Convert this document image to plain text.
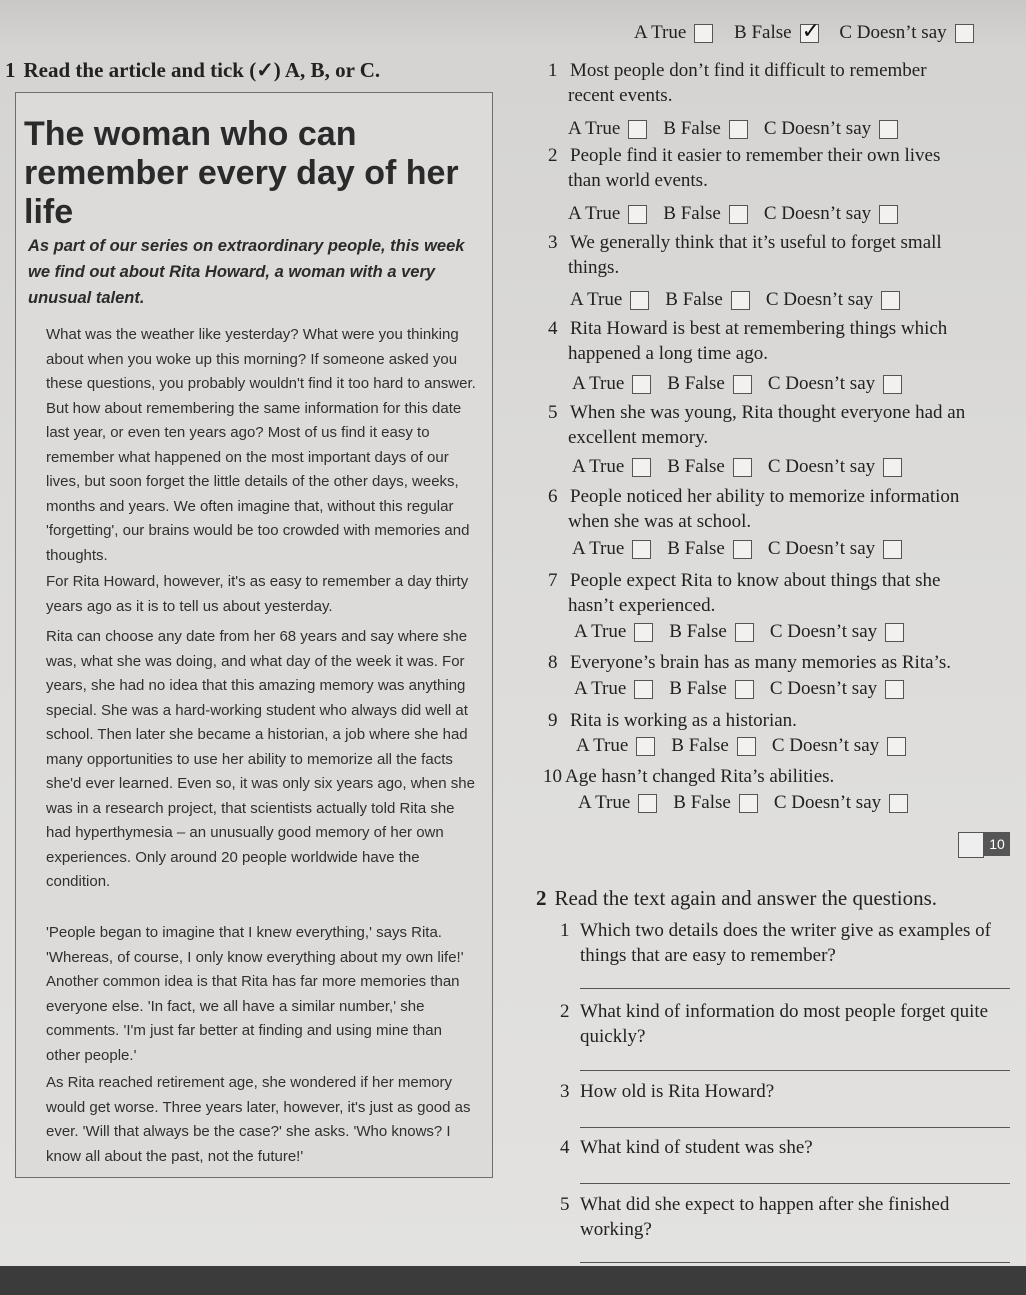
A True
	B False
✓
	C Doesn’t say
1 Read the article and tick (✓) A, B, or C.
The woman who can remember every day of her life
As part of our series on extraordinary people, this week we find out about Rita Howard, a woman with a very unusual talent.
What was the weather like yesterday? What were you thinking about when you woke up this morning? If someone asked you these questions, you probably wouldn't find it too hard to answer. But how about remembering the same information for this date last year, or even ten years ago? Most of us find it easy to remember what happened on the most important days of our lives, but soon forget the little details of the other days, weeks, months and years. We often imagine that, without this regular 'forgetting', our brains would be too crowded with memories and thoughts.
For Rita Howard, however, it's as easy to remember a day thirty years ago as it is to tell us about yesterday.
Rita can choose any date from her 68 years and say where she was, what she was doing, and what day of the week it was. For years, she had no idea that this amazing memory was anything special. She was a hard-working student who always did well at school. Then later she became a historian, a job where she had many opportunities to use her ability to memorize all the facts she'd ever learned. Even so, it was only six years ago, when she was in a research project, that scientists actually told Rita she had hyperthymesia – an unusually good memory of her own experiences. Only around 20 people worldwide have the condition.
'People began to imagine that I knew everything,' says Rita. 'Whereas, of course, I only know everything about my own life!' Another common idea is that Rita has far more memories than everyone else. 'In fact, we all have a similar number,' she comments. 'I'm just far better at finding and using mine than other people.'
As Rita reached retirement age, she wondered if her memory would get worse. Three years later, however, it's just as good as ever. 'Will that always be the case?' she asks. 'Who knows? I know all about the past, not the future!'
1 Most people don’t find it difficult to remember
recent events.
A True B False C Doesn’t say
2 People find it easier to remember their own lives
than world events.
A True B False C Doesn’t say
3 We generally think that it’s useful to forget small
things.
A True B False C Doesn’t say
4 Rita Howard is best at remembering things which
happened a long time ago.
A True B False C Doesn’t say
5 When she was young, Rita thought everyone had an
excellent memory.
A True B False C Doesn’t say
6 People noticed her ability to memorize information
when she was at school.
A True B False C Doesn’t say
7 People expect Rita to know about things that she
hasn’t experienced.
A True B False C Doesn’t say
8 Everyone’s brain has as many memories as Rita’s.
A True B False C Doesn’t say
9 Rita is working as a historian.
A True B False C Doesn’t say
10 Age hasn’t changed Rita’s abilities.
A True B False C Doesn’t say
10
2 Read the text again and answer the questions.
1 Which two details does the writer give as examples of things that are easy to remember?
2 What kind of information do most people forget quite quickly?
3 How old is Rita Howard?
4 What kind of student was she?
5 What did she expect to happen after she finished working?
